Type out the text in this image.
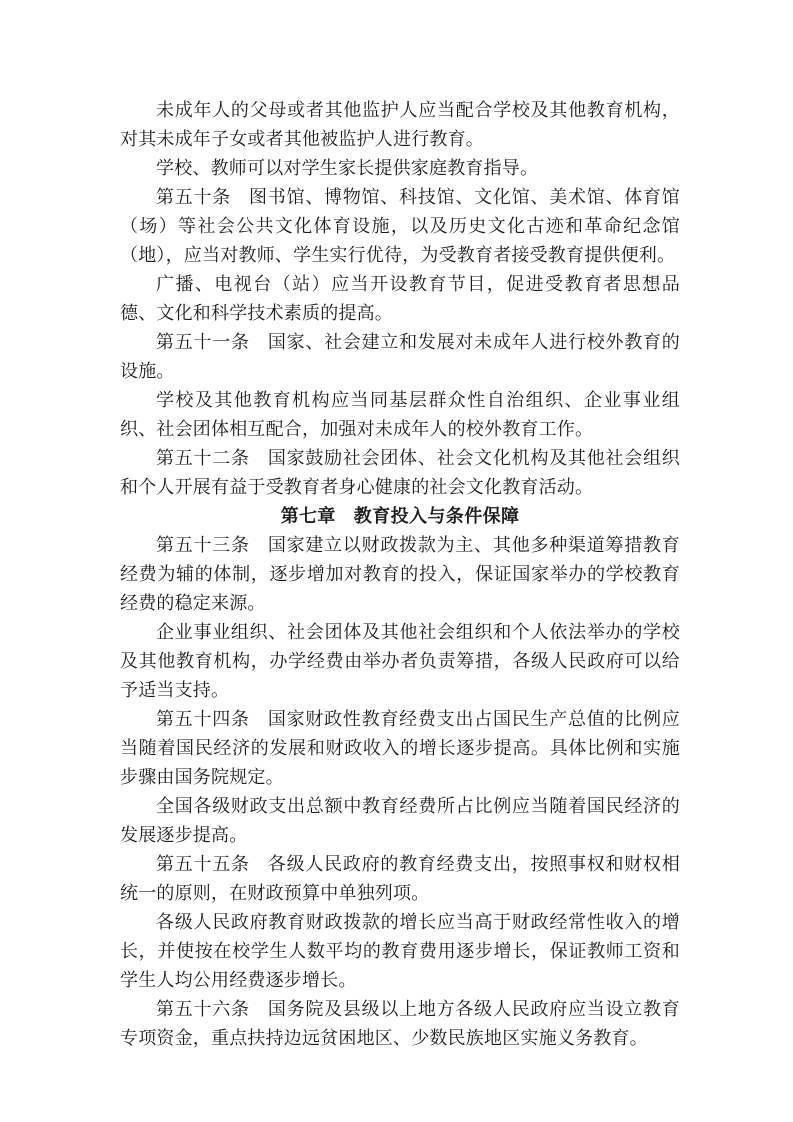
未成年人的父母或者其他监护人应当配合学校及其他教育机构，对其未成年子女或者其他被监护人进行教育。

学校、教师可以对学生家长提供家庭教育指导。

第五十条 图书馆、博物馆、科技馆、文化馆、美术馆、体育馆（场）等社会公共文化体育设施，以及历史文化古迹和革命纪念馆（地），应当对教师、学生实行优待，为受教育者接受教育提供便利。

广播、电视台（站）应当开设教育节目，促进受教育者思想品德、文化和科学技术素质的提高。

第五十一条 国家、社会建立和发展对未成年人进行校外教育的设施。

学校及其他教育机构应当同基层群众性自治组织、企业事业组织、社会团体相互配合，加强对未成年人的校外教育工作。

第五十二条 国家鼓励社会团体、社会文化机构及其他社会组织和个人开展有益于受教育者身心健康的社会文化教育活动。

第七章 教育投入与条件保障

第五十三条 国家建立以财政拨款为主、其他多种渠道筹措教育经费为辅的体制，逐步增加对教育的投入，保证国家举办的学校教育经费的稳定来源。

企业事业组织、社会团体及其他社会组织和个人依法举办的学校及其他教育机构，办学经费由举办者负责筹措，各级人民政府可以给予适当支持。

第五十四条 国家财政性教育经费支出占国民生产总值的比例应当随着国民经济的发展和财政收入的增长逐步提高。具体比例和实施步骤由国务院规定。

全国各级财政支出总额中教育经费所占比例应当随着国民经济的发展逐步提高。

第五十五条 各级人民政府的教育经费支出，按照事权和财权相统一的原则，在财政预算中单独列项。

各级人民政府教育财政拨款的增长应当高于财政经常性收入的增长，并使按在校学生人数平均的教育费用逐步增长，保证教师工资和学生人均公用经费逐步增长。

第五十六条 国务院及县级以上地方各级人民政府应当设立教育专项资金，重点扶持边远贫困地区、少数民族地区实施义务教育。
